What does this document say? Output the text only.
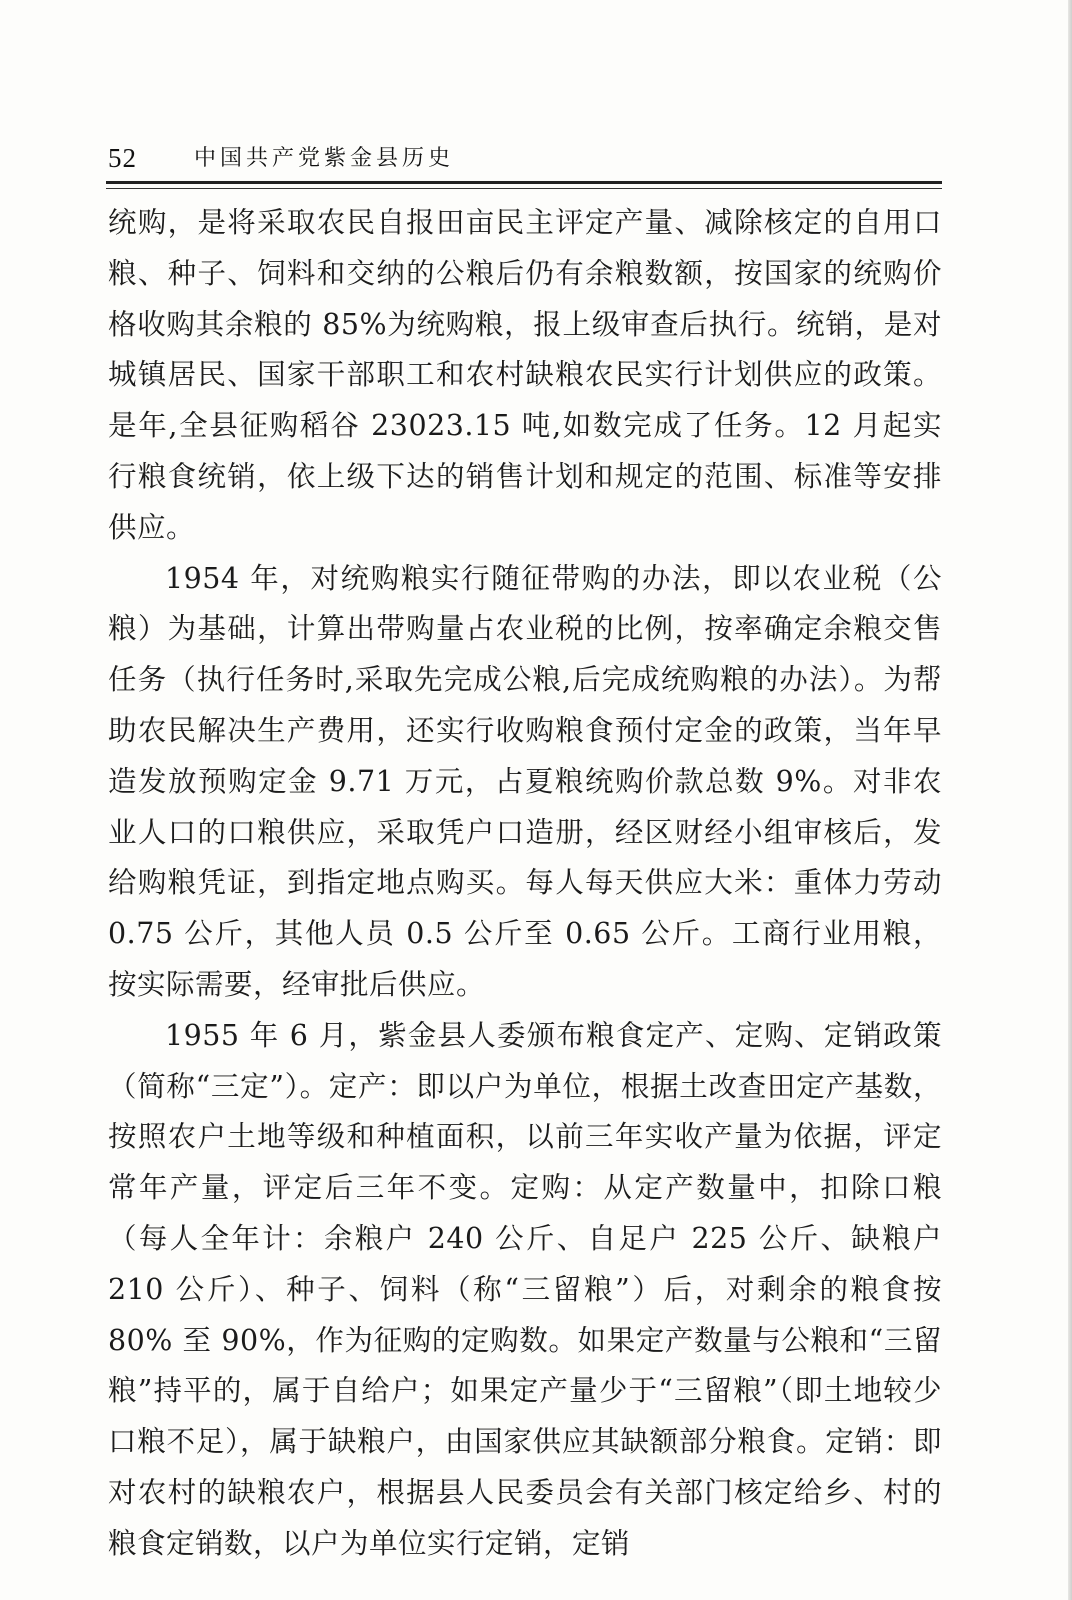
52	中国共产党紫金县历史

统购，是将采取农民自报田亩民主评定产量、减除核定的自用口粮、种子、饲料和交纳的公粮后仍有余粮数额，按国家的统购价格收购其余粮的 85%为统购粮，报上级审查后执行。统销，是对城镇居民、国家干部职工和农村缺粮农民实行计划供应的政策。是年,全县征购稻谷 23023.15 吨,如数完成了任务。12 月起实行粮食统销，依上级下达的销售计划和规定的范围、标准等安排供应。

1954 年，对统购粮实行随征带购的办法，即以农业税（公粮）为基础，计算出带购量占农业税的比例，按率确定余粮交售任务（执行任务时,采取先完成公粮,后完成统购粮的办法）。为帮助农民解决生产费用，还实行收购粮食预付定金的政策，当年早造发放预购定金 9.71 万元，占夏粮统购价款总数 9%。对非农业人口的口粮供应，采取凭户口造册，经区财经小组审核后，发给购粮凭证，到指定地点购买。每人每天供应大米：重体力劳动 0.75 公斤，其他人员 0.5 公斤至 0.65 公斤。工商行业用粮，按实际需要，经审批后供应。

1955 年 6 月，紫金县人委颁布粮食定产、定购、定销政策（简称“三定”）。定产：即以户为单位，根据土改查田定产基数，按照农户土地等级和种植面积，以前三年实收产量为依据，评定常年产量，评定后三年不变。定购：从定产数量中，扣除口粮（每人全年计：余粮户 240 公斤、自足户 225 公斤、缺粮户 210 公斤）、种子、饲料（称“三留粮”）后，对剩余的粮食按 80% 至 90%，作为征购的定购数。如果定产数量与公粮和“三留粮”持平的，属于自给户；如果定产量少于“三留粮”（即土地较少口粮不足），属于缺粮户，由国家供应其缺额部分粮食。定销：即对农村的缺粮农户，根据县人民委员会有关部门核定给乡、村的粮食定销数，以户为单位实行定销，定销
